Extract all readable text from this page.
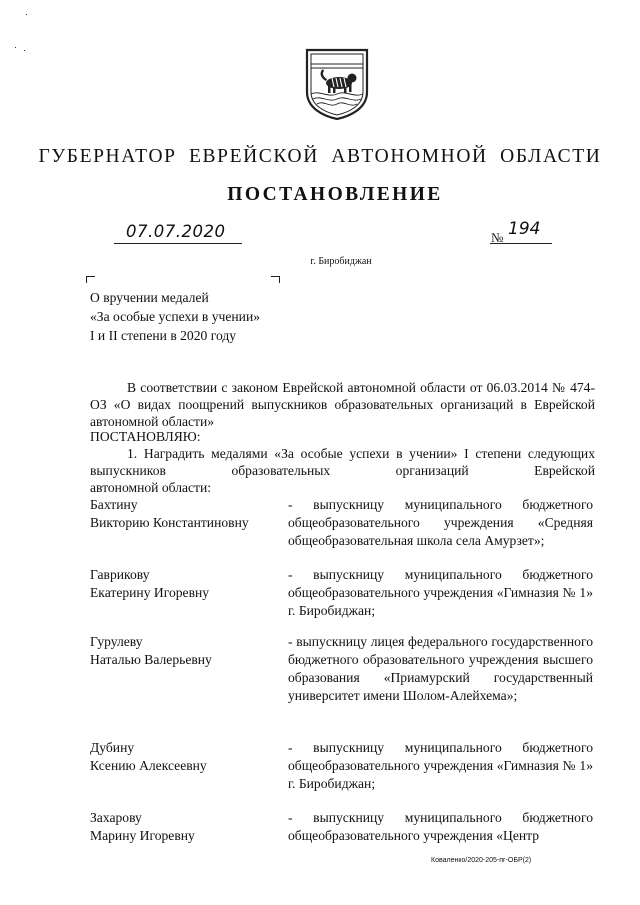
ГУБЕРНАТОР ЕВРЕЙСКОЙ АВТОНОМНОЙ ОБЛАСТИ
ПОСТАНОВЛЕНИЕ
07.07.2020	№ 194
г. Биробиджан
О вручении медалей
«За особые успехи в учении»
I и II степени в 2020 году
В соответствии с законом Еврейской автономной области от 06.03.2014 № 474-ОЗ «О видах поощрений выпускников образовательных организаций в Еврейской автономной области»
ПОСТАНОВЛЯЮ:
1. Наградить медалями «За особые успехи в учении» I степени следующих выпускников образовательных организаций Еврейской
автономной области:
Бахтину
Викторию Константиновну
- выпускницу муниципального бюджетного общеобразовательного учреждения «Средняя общеобразовательная школа села Амурзет»;
Гаврикову
Екатерину Игоревну
- выпускницу муниципального бюджетного общеобразовательного учреждения «Гимназия № 1» г. Биробиджан;
Гурулеву
Наталью Валерьевну
- выпускницу лицея федерального государственного бюджетного образовательного учреждения высшего образования «Приамурский государственный университет имени Шолом-Алейхема»;
Дубину
Ксению Алексеевну
- выпускницу муниципального бюджетного общеобразовательного учреждения «Гимназия № 1» г. Биробиджан;
Захарову
Марину Игоревну
- выпускницу муниципального бюджетного общеобразовательного учреждения «Центр
Коваленко/2020-205-пг-ОБР(2)
